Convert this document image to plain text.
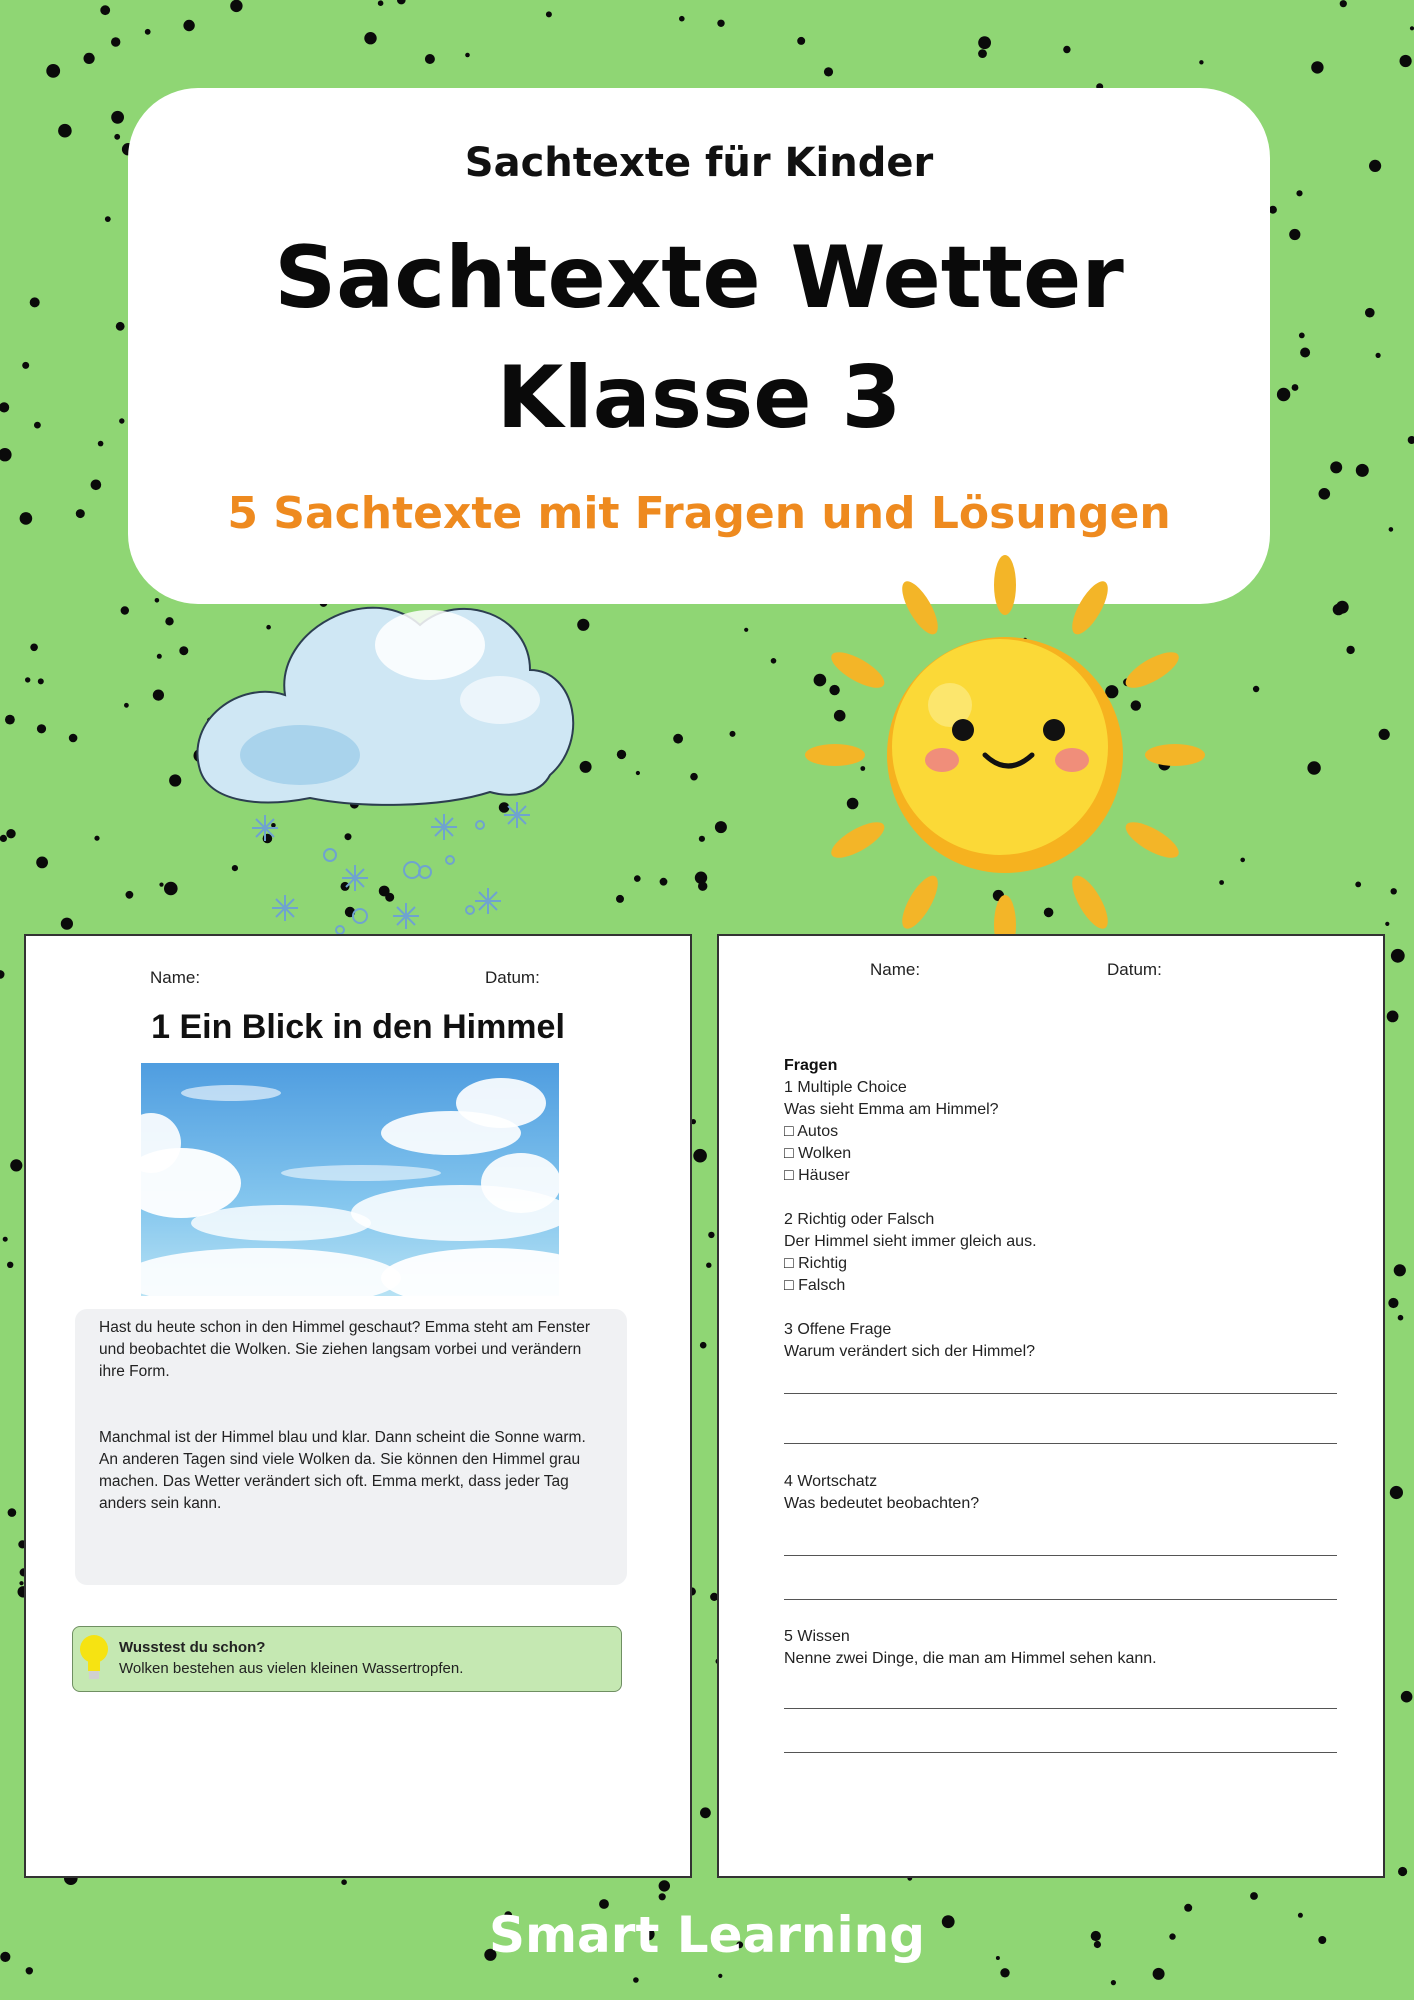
Sachtexte für Kinder
Sachtexte Wetter
Klasse 3
5 Sachtexte mit Fragen und Lösungen
Name:	Datum:
1 Ein Blick in den Himmel

Hast du heute schon in den Himmel geschaut? Emma steht am Fenster und beobachtet die Wolken. Sie ziehen langsam vorbei und verändern ihre Form.

Manchmal ist der Himmel blau und klar. Dann scheint die Sonne warm. An anderen Tagen sind viele Wolken da. Sie können den Himmel grau machen. Das Wetter verändert sich oft. Emma merkt, dass jeder Tag anders sein kann.

Wusstest du schon?
Wolken bestehen aus vielen kleinen Wassertropfen.
Name:	Datum:
Fragen
1 Multiple Choice
Was sieht Emma am Himmel?
□ Autos
□ Wolken
□ Häuser
2 Richtig oder Falsch
Der Himmel sieht immer gleich aus.
□ Richtig
□ Falsch
3 Offene Frage
Warum verändert sich der Himmel?
4 Wortschatz
Was bedeutet beobachten?
5 Wissen
Nenne zwei Dinge, die man am Himmel sehen kann.
Smart Learning
